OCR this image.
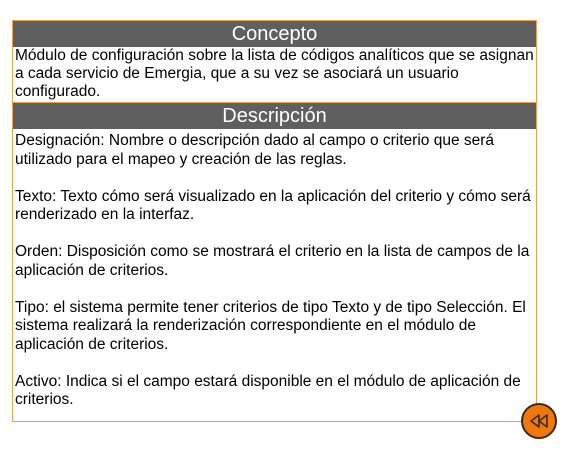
Concepto
Módulo de configuración sobre la lista de códigos analíticos que se asignan a cada servicio de Emergia, que a su vez se asociará un usuario configurado.
Descripción

Designación: Nombre o descripción dado al campo o criterio que será utilizado para el mapeo y creación de las reglas.

Texto: Texto cómo será visualizado en la aplicación del criterio y cómo será renderizado en la interfaz.

Orden: Disposición como se mostrará el criterio en la lista de campos de la aplicación de criterios.

Tipo: el sistema permite tener criterios de tipo Texto y de tipo Selección. El sistema realizará la renderización correspondiente en el módulo de aplicación de criterios.

Activo: Indica si el campo estará disponible en el módulo de aplicación de criterios.
